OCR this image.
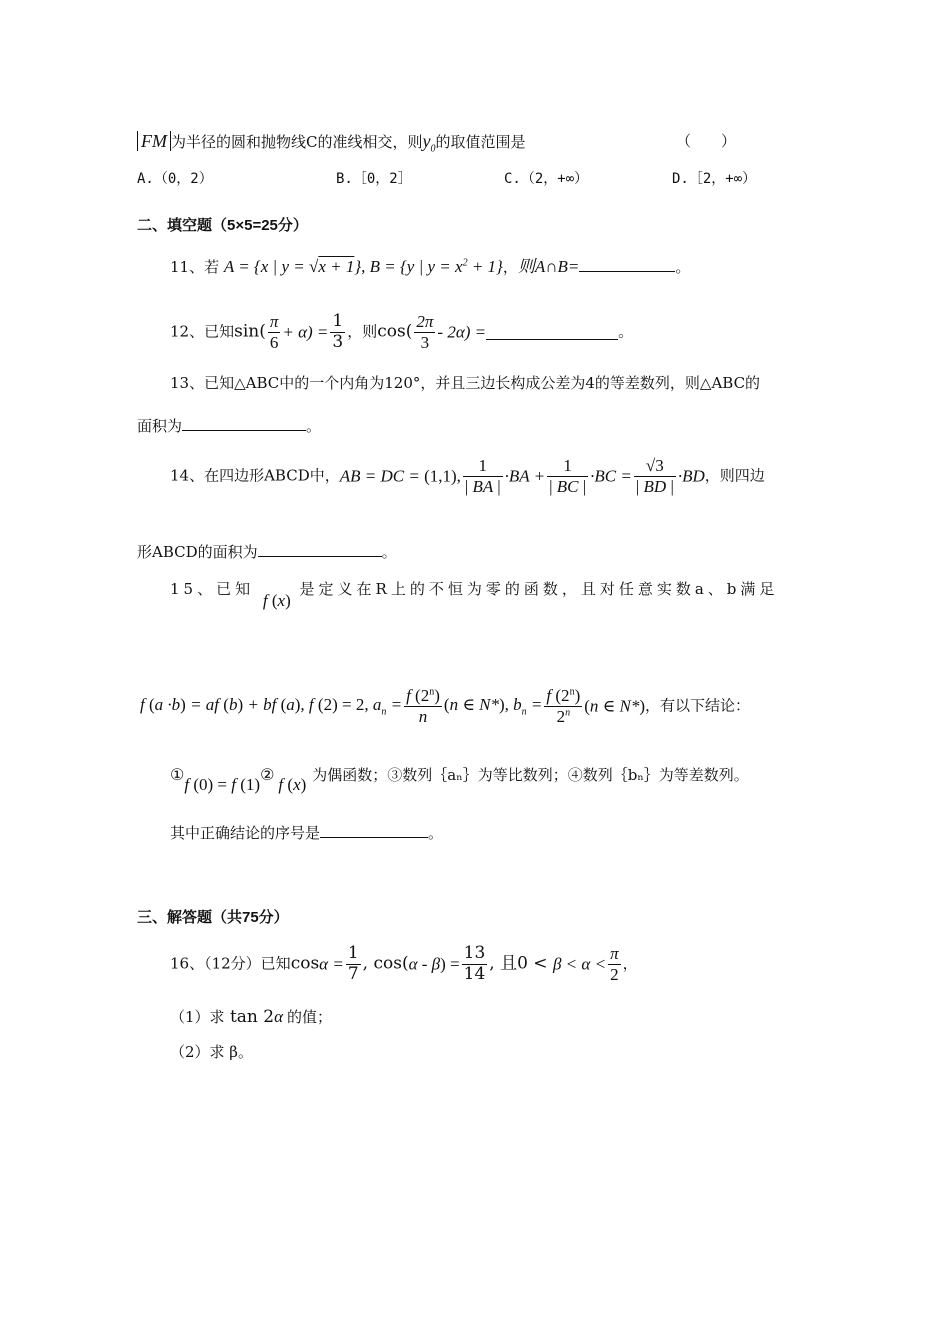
FM 为半径的圆和抛物线C的准线相交，则$y_0$的取值范围是	（　　）
A.（0，2）	B.［0，2］	C.（2，+∞）	D.［2，+∞）
二、填空题（5×5=25分）
11、若 A = {x | y = √x + 1}, B = {y | $y = x^2 + 1$}，则A∩B=	。
12、已知$\sin( \frac{\pi}{6} + \alpha) = \frac{1}{3}$ ，则$\cos( \frac{2\pi}{3} - 2\alpha)$ =	。
13、已知△ABC中的一个内角为120°，并且三边长构成公差为4的等差数列，则△ABC的
面积为	。
14、在四边形ABCD中，AB = DC = (1,1), $\frac{1}{| BA |} \cdot BA + \frac{1}{| BC |} \cdot BC = \frac{√3}{| BD |} \cdot BD$，则四边
形ABCD的面积为	。
15、已知 f (x) 是定义在R上的不恒为零的函数，且对任意实数a、b满足
f (a ·b) = af (b) + bf (a), f (2) = 2, $a_n = \frac{f (2^n)}{n} (n$ ∈ N*), $b_n = \frac{f (2^n)}{2^n} (n$ ∈ N*)，有以下结论：
①f (0) = f (1)②f (x) 为偶函数；③数列｛aₙ｝为等比数列；④数列｛bₙ｝为等差数列。
其中正确结论的序号是	。
三、解答题（共75分）
16、（12分）已知$\cos\alpha = \frac{1}{7}$ , $\cos(\alpha - \beta) = \frac{13}{14}$ , 且$0 < \beta < \alpha < \frac{\pi}{2}$ ，
（1）求 tan 2α 的值；
（2）求 β。
